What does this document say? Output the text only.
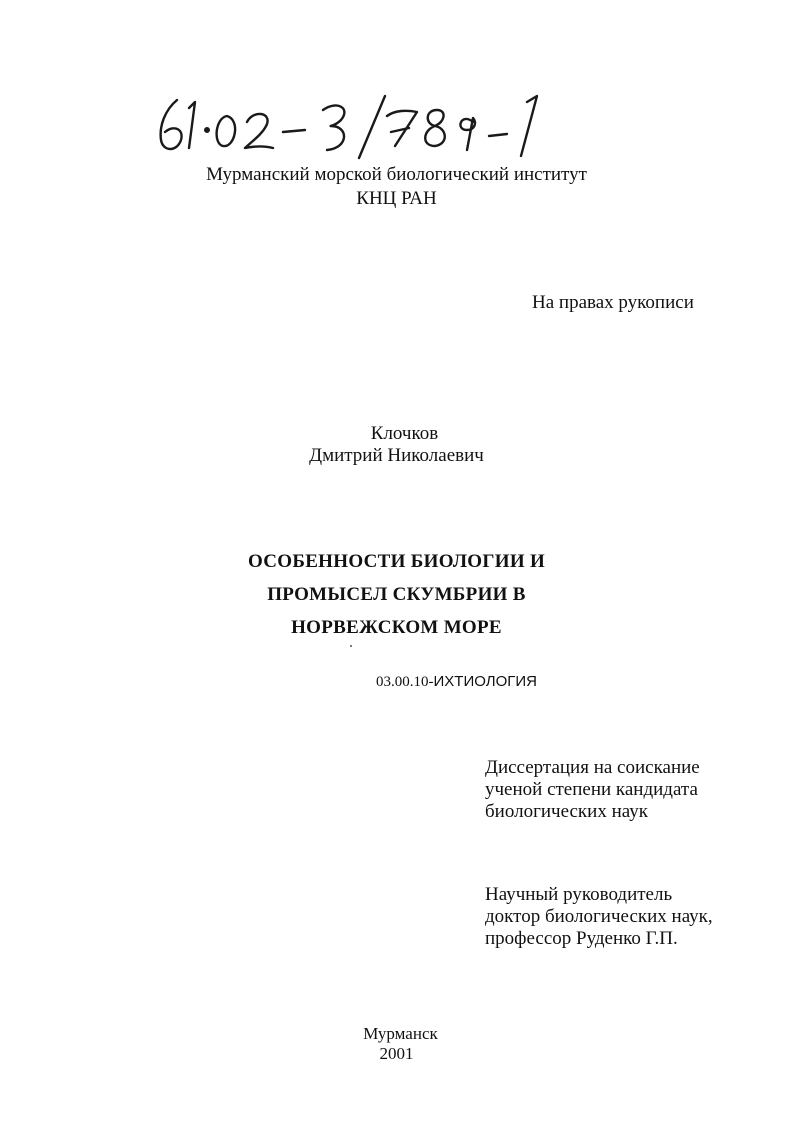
Мурманский морской биологический институт
КНЦ РАН
На правах рукописи
Клочков
Дмитрий Николаевич
ОСОБЕННОСТИ БИОЛОГИИ И
ПРОМЫСЕЛ СКУМБРИИ В
НОРВЕЖСКОМ МОРЕ
03.00.10-ИХТИОЛОГИЯ
Диссертация на соискание
ученой степени кандидата
биологических наук
Научный руководитель
доктор биологических наук,
профессор Руденко Г.П.
Мурманск
2001
